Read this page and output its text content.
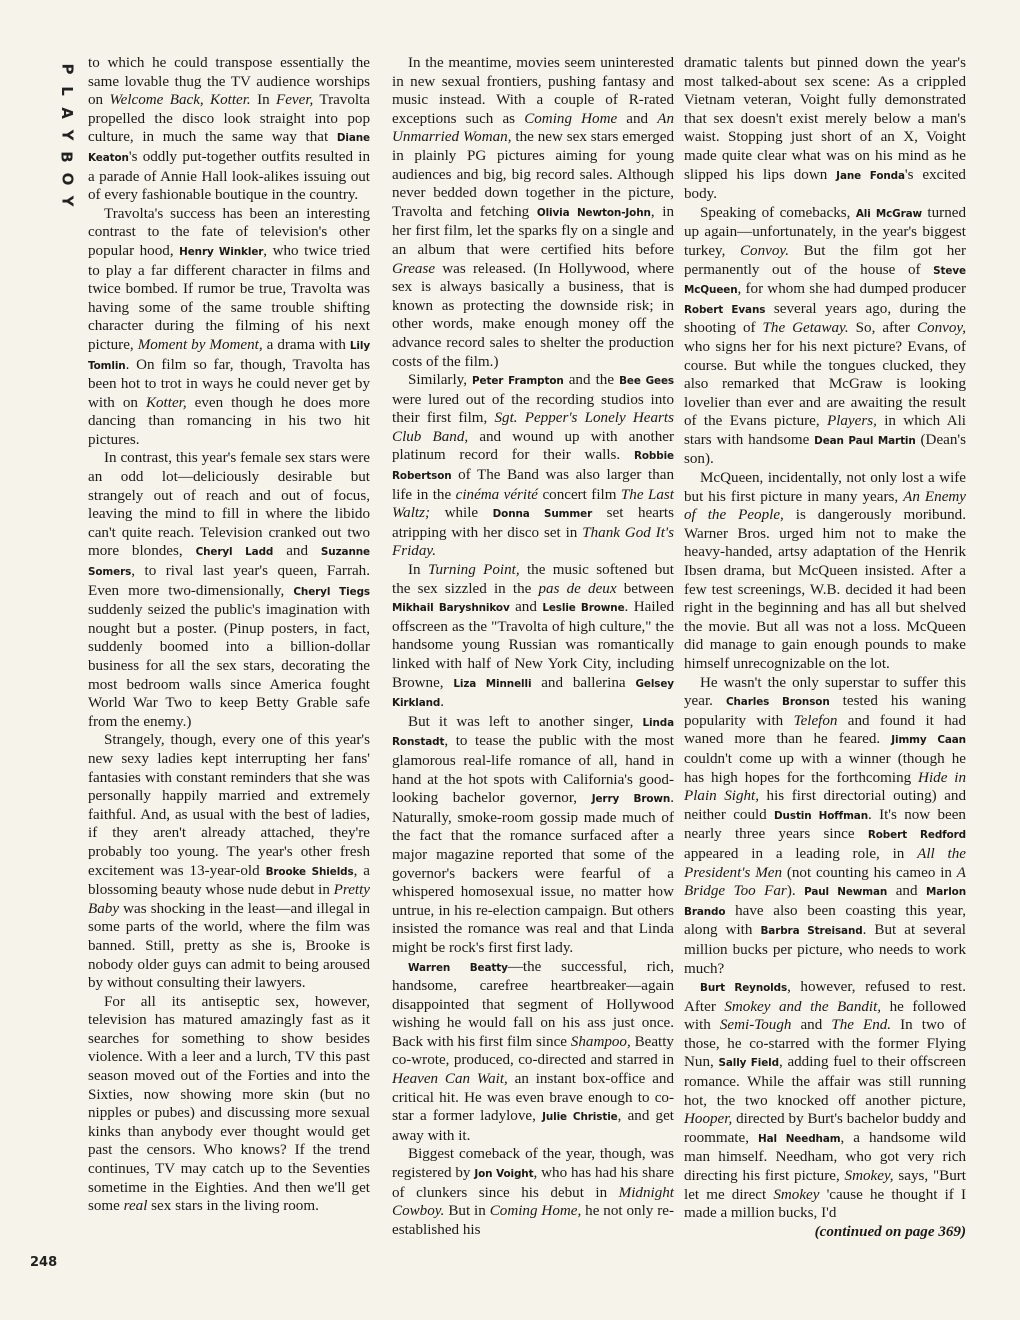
P
L
A
Y
B
O
Y

to which he could transpose essentially the same lovable thug the TV audience worships on Welcome Back, Kotter. In Fever, Travolta propelled the disco look straight into pop culture, in much the same way that Diane Keaton's oddly put-together outfits resulted in a parade of Annie Hall look-alikes issuing out of every fashionable boutique in the country.

Travolta's success has been an interesting contrast to the fate of television's other popular hood, Henry Winkler, who twice tried to play a far different character in films and twice bombed. If rumor be true, Travolta was having some of the same trouble shifting character during the filming of his next picture, Moment by Moment, a drama with Lily Tomlin. On film so far, though, Travolta has been hot to trot in ways he could never get by with on Kotter, even though he does more dancing than romancing in his two hit pictures.

In contrast, this year's female sex stars were an odd lot—deliciously desirable but strangely out of reach and out of focus, leaving the mind to fill in where the libido can't quite reach. Television cranked out two more blondes, Cheryl Ladd and Suzanne Somers, to rival last year's queen, Farrah. Even more two-dimensionally, Cheryl Tiegs suddenly seized the public's imagination with nought but a poster. (Pinup posters, in fact, suddenly boomed into a billion-dollar business for all the sex stars, decorating the most bedroom walls since America fought World War Two to keep Betty Grable safe from the enemy.)

Strangely, though, every one of this year's new sexy ladies kept interrupting her fans' fantasies with constant reminders that she was personally happily married and extremely faithful. And, as usual with the best of ladies, if they aren't already attached, they're probably too young. The year's other fresh excitement was 13-year-old Brooke Shields, a blossoming beauty whose nude debut in Pretty Baby was shocking in the least—and illegal in some parts of the world, where the film was banned. Still, pretty as she is, Brooke is nobody older guys can admit to being aroused by without consulting their lawyers.

For all its antiseptic sex, however, television has matured amazingly fast as it searches for something to show besides violence. With a leer and a lurch, TV this past season moved out of the Forties and into the Sixties, now showing more skin (but no nipples or pubes) and discussing more sexual kinks than anybody ever thought would get past the censors. Who knows? If the trend continues, TV may catch up to the Seventies sometime in the Eighties. And then we'll get some real sex stars in the living room.

In the meantime, movies seem uninterested in new sexual frontiers, pushing fantasy and music instead. With a couple of R-rated exceptions such as Coming Home and An Unmarried Woman, the new sex stars emerged in plainly PG pictures aiming for young audiences and big, big record sales. Although never bedded down together in the picture, Travolta and fetching Olivia Newton-John, in her first film, let the sparks fly on a single and an album that were certified hits before Grease was released. (In Hollywood, where sex is always basically a business, that is known as protecting the downside risk; in other words, make enough money off the advance record sales to shelter the production costs of the film.)

Similarly, Peter Frampton and the Bee Gees were lured out of the recording studios into their first film, Sgt. Pepper's Lonely Hearts Club Band, and wound up with another platinum record for their walls. Robbie Robertson of The Band was also larger than life in the cinéma vérité concert film The Last Waltz; while Donna Summer set hearts atripping with her disco set in Thank God It's Friday.

In Turning Point, the music softened but the sex sizzled in the pas de deux between Mikhail Baryshnikov and Leslie Browne. Hailed offscreen as the "Travolta of high culture," the handsome young Russian was romantically linked with half of New York City, including Browne, Liza Minnelli and ballerina Gelsey Kirkland.

But it was left to another singer, Linda Ronstadt, to tease the public with the most glamorous real-life romance of all, hand in hand at the hot spots with California's good-looking bachelor governor, Jerry Brown. Naturally, smoke-room gossip made much of the fact that the romance surfaced after a major magazine reported that some of the governor's backers were fearful of a whispered homosexual issue, no matter how untrue, in his re-election campaign. But others insisted the romance was real and that Linda might be rock's first first lady.

Warren Beatty—the successful, rich, handsome, carefree heartbreaker—again disappointed that segment of Hollywood wishing he would fall on his ass just once. Back with his first film since Shampoo, Beatty co-wrote, produced, co-directed and starred in Heaven Can Wait, an instant box-office and critical hit. He was even brave enough to co-star a former ladylove, Julie Christie, and get away with it.

Biggest comeback of the year, though, was registered by Jon Voight, who has had his share of clunkers since his debut in Midnight Cowboy. But in Coming Home, he not only re-established his

dramatic talents but pinned down the year's most talked-about sex scene: As a crippled Vietnam veteran, Voight fully demonstrated that sex doesn't exist merely below a man's waist. Stopping just short of an X, Voight made quite clear what was on his mind as he slipped his lips down Jane Fonda's excited body.

Speaking of comebacks, Ali McGraw turned up again—unfortunately, in the year's biggest turkey, Convoy. But the film got her permanently out of the house of Steve McQueen, for whom she had dumped producer Robert Evans several years ago, during the shooting of The Getaway. So, after Convoy, who signs her for his next picture? Evans, of course. But while the tongues clucked, they also remarked that McGraw is looking lovelier than ever and are awaiting the result of the Evans picture, Players, in which Ali stars with handsome Dean Paul Martin (Dean's son).

McQueen, incidentally, not only lost a wife but his first picture in many years, An Enemy of the People, is dangerously moribund. Warner Bros. urged him not to make the heavy-handed, artsy adaptation of the Henrik Ibsen drama, but McQueen insisted. After a few test screenings, W.B. decided it had been right in the beginning and has all but shelved the movie. But all was not a loss. McQueen did manage to gain enough pounds to make himself unrecognizable on the lot.

He wasn't the only superstar to suffer this year. Charles Bronson tested his waning popularity with Telefon and found it had waned more than he feared. Jimmy Caan couldn't come up with a winner (though he has high hopes for the forthcoming Hide in Plain Sight, his first directorial outing) and neither could Dustin Hoffman. It's now been nearly three years since Robert Redford appeared in a leading role, in All the President's Men (not counting his cameo in A Bridge Too Far). Paul Newman and Marlon Brando have also been coasting this year, along with Barbra Streisand. But at several million bucks per picture, who needs to work much?

Burt Reynolds, however, refused to rest. After Smokey and the Bandit, he followed with Semi-Tough and The End. In two of those, he co-starred with the former Flying Nun, Sally Field, adding fuel to their offscreen romance. While the affair was still running hot, the two knocked off another picture, Hooper, directed by Burt's bachelor buddy and roommate, Hal Needham, a handsome wild man himself. Needham, who got very rich directing his first picture, Smokey, says, "Burt let me direct Smokey 'cause he thought if I made a million bucks, I'd

(continued on page 369)

248
